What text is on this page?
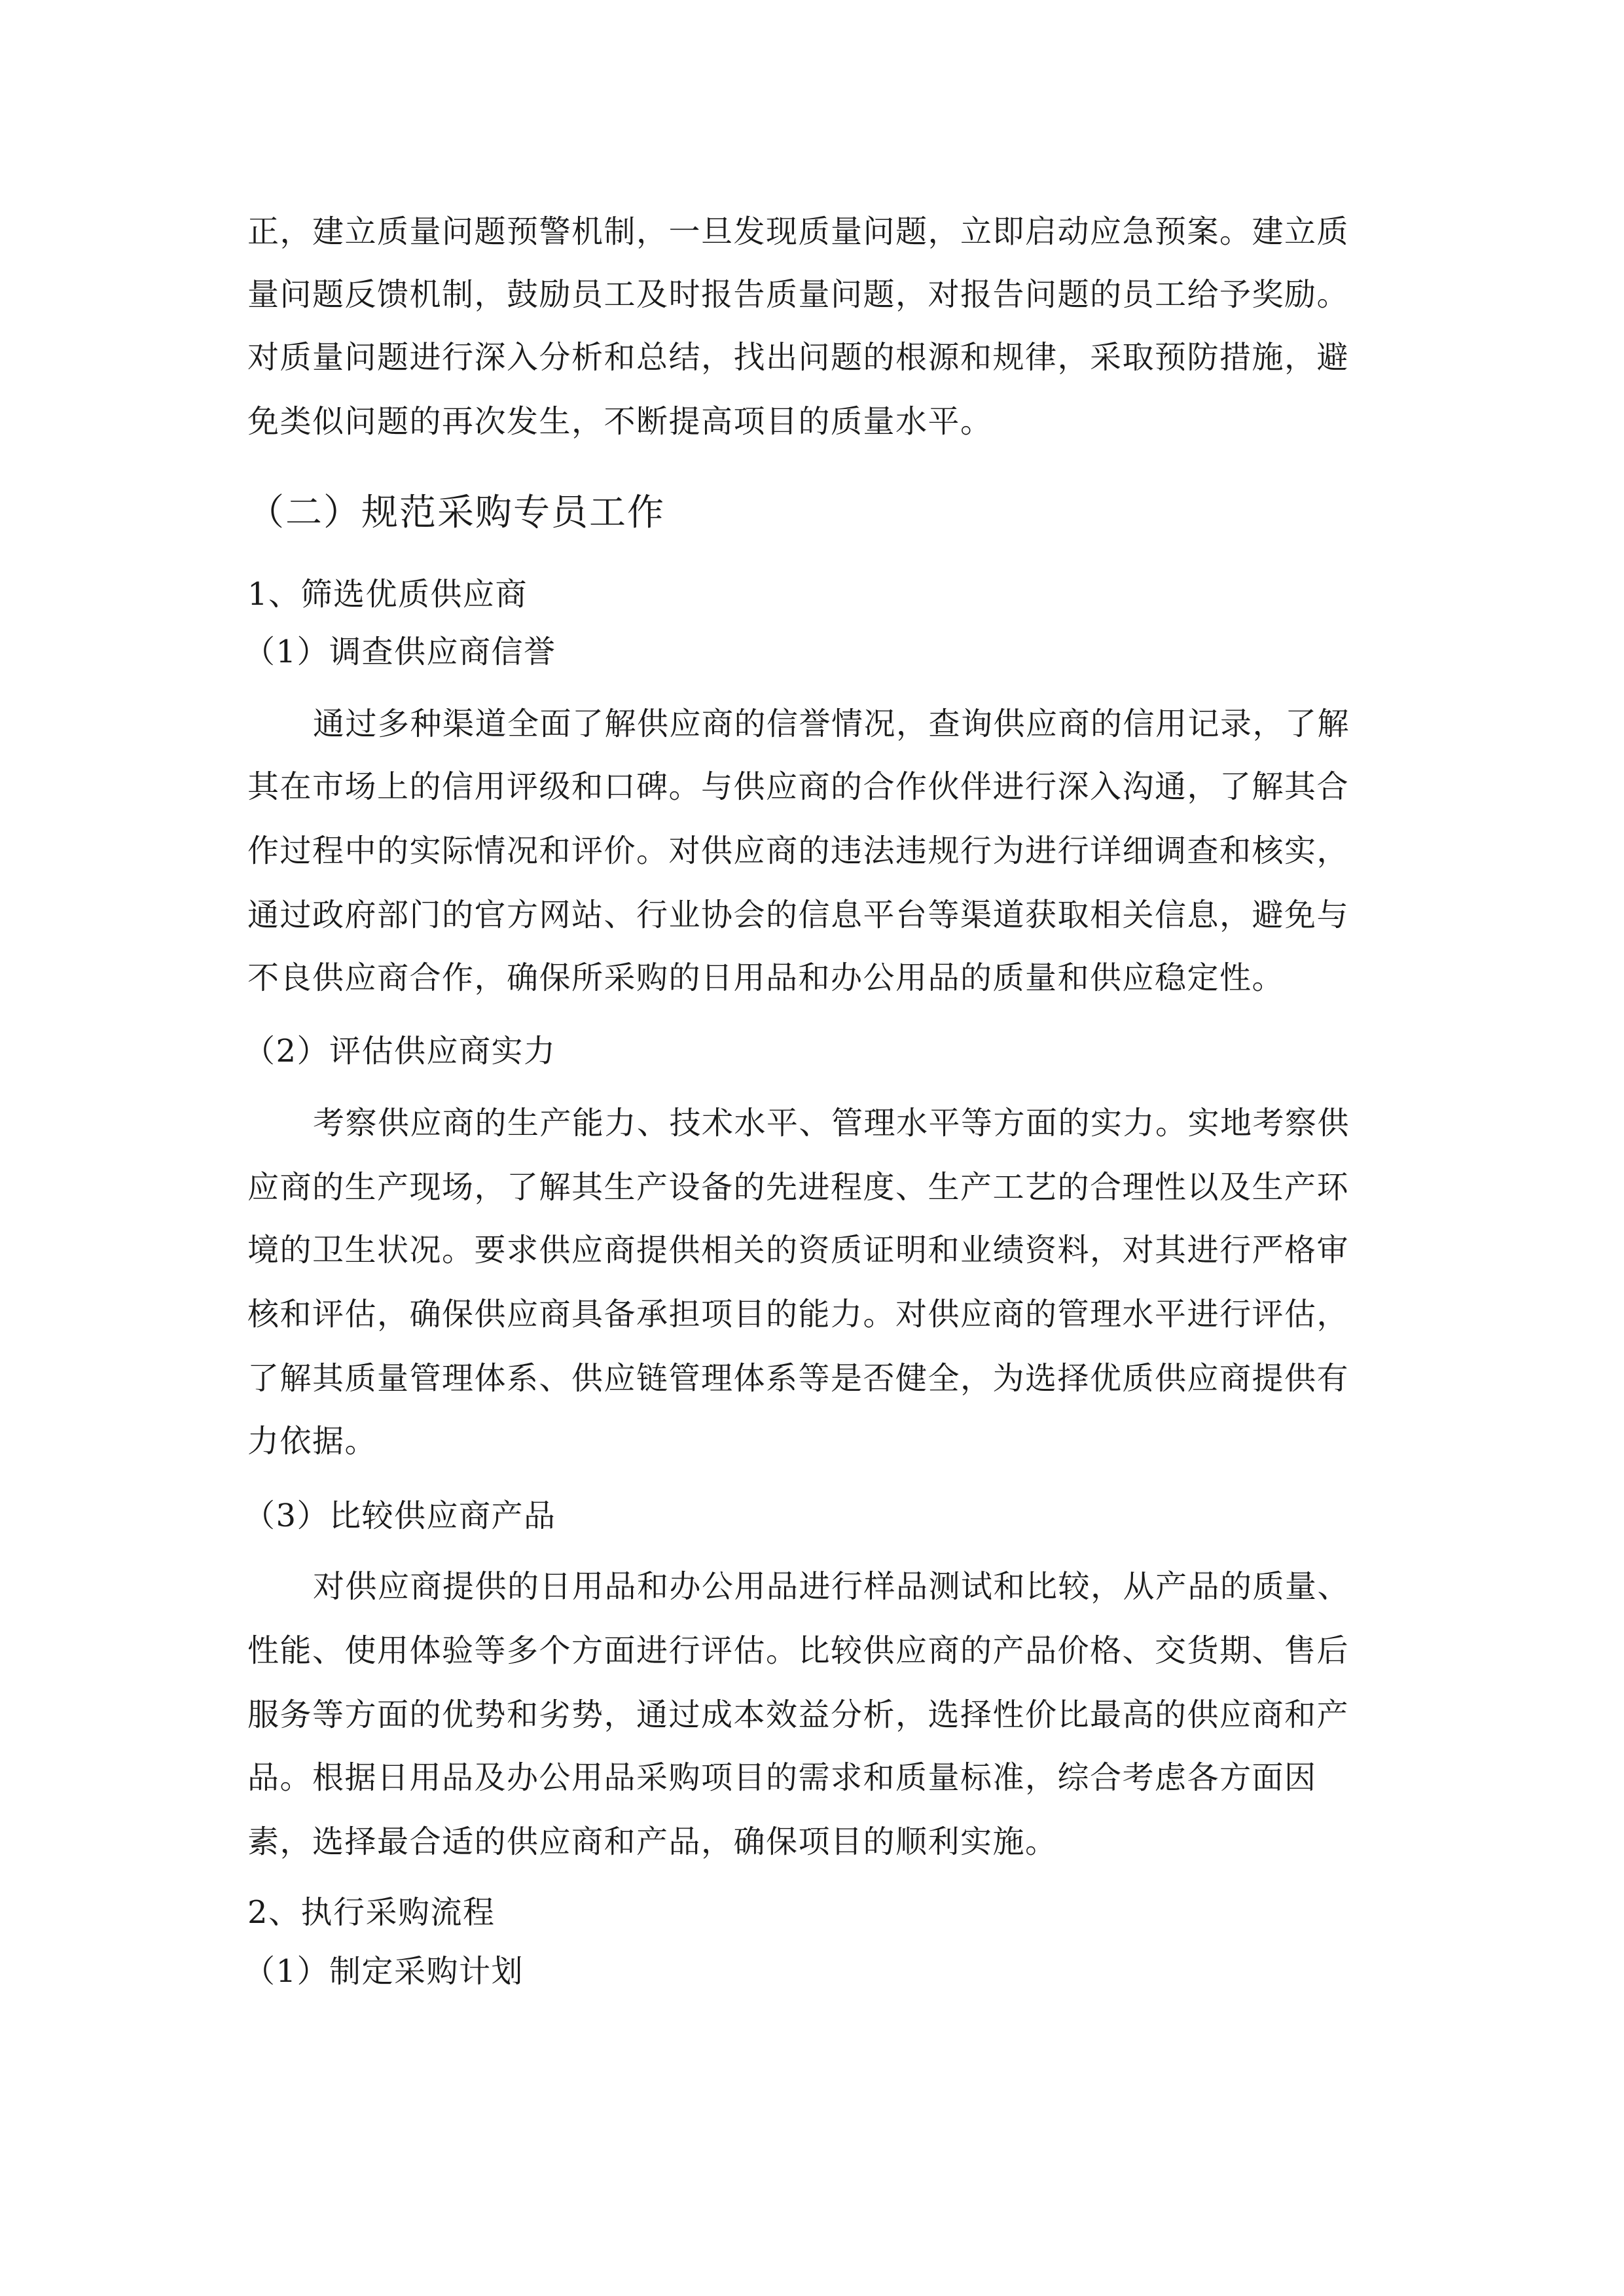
正，建立质量问题预警机制，一旦发现质量问题，立即启动应急预案。建立质
量问题反馈机制，鼓励员工及时报告质量问题，对报告问题的员工给予奖励。
对质量问题进行深入分析和总结，找出问题的根源和规律，采取预防措施，避
免类似问题的再次发生，不断提高项目的质量水平。
（二）规范采购专员工作
1、筛选优质供应商
（1）调查供应商信誉
通过多种渠道全面了解供应商的信誉情况，查询供应商的信用记录，了解
其在市场上的信用评级和口碑。与供应商的合作伙伴进行深入沟通，了解其合
作过程中的实际情况和评价。对供应商的违法违规行为进行详细调查和核实，
通过政府部门的官方网站、行业协会的信息平台等渠道获取相关信息，避免与
不良供应商合作，确保所采购的日用品和办公用品的质量和供应稳定性。
（2）评估供应商实力
考察供应商的生产能力、技术水平、管理水平等方面的实力。实地考察供
应商的生产现场，了解其生产设备的先进程度、生产工艺的合理性以及生产环
境的卫生状况。要求供应商提供相关的资质证明和业绩资料，对其进行严格审
核和评估，确保供应商具备承担项目的能力。对供应商的管理水平进行评估，
了解其质量管理体系、供应链管理体系等是否健全，为选择优质供应商提供有
力依据。
（3）比较供应商产品
对供应商提供的日用品和办公用品进行样品测试和比较，从产品的质量、
性能、使用体验等多个方面进行评估。比较供应商的产品价格、交货期、售后
服务等方面的优势和劣势，通过成本效益分析，选择性价比最高的供应商和产
品。根据日用品及办公用品采购项目的需求和质量标准，综合考虑各方面因
素，选择最合适的供应商和产品，确保项目的顺利实施。
2、执行采购流程
（1）制定采购计划
